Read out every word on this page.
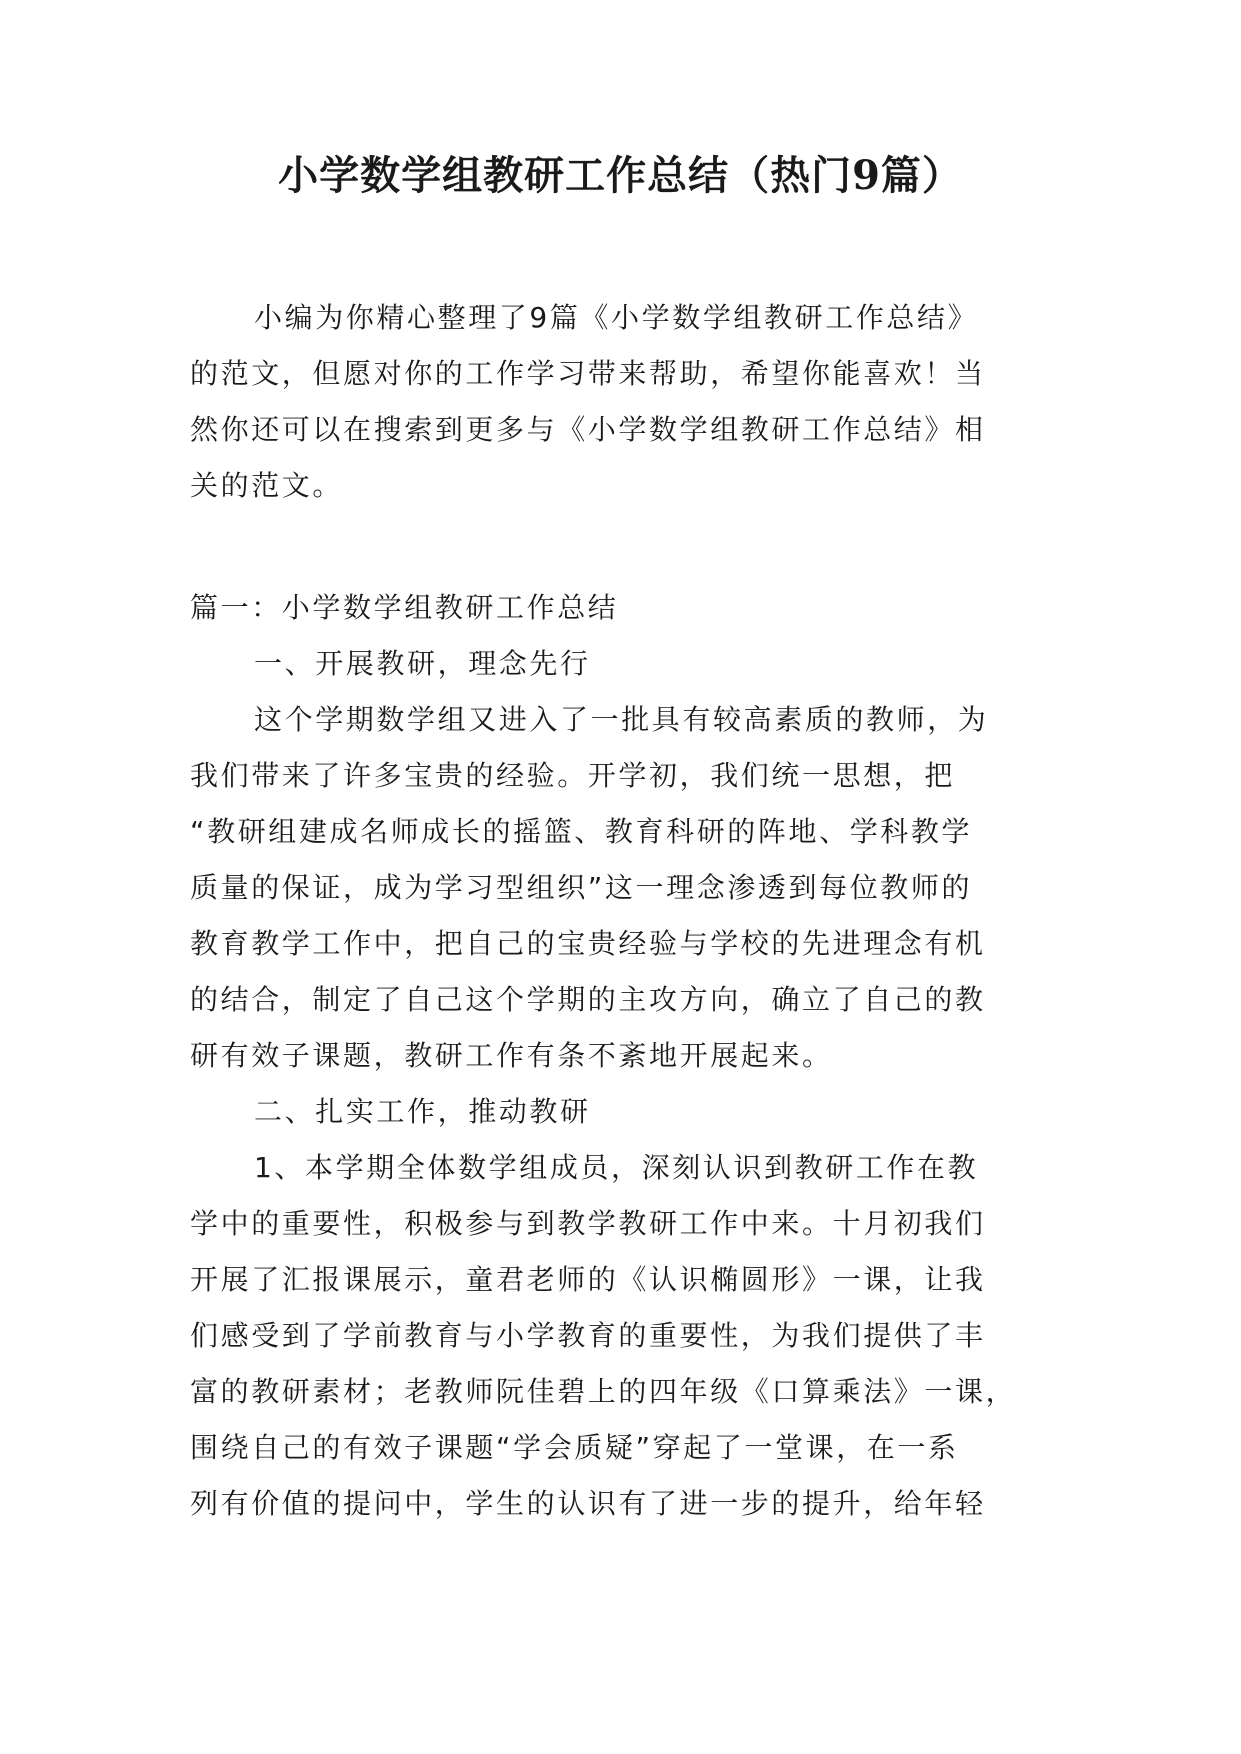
小学数学组教研工作总结（热门9篇）
小编为你精心整理了9篇《小学数学组教研工作总结》
的范文，但愿对你的工作学习带来帮助，希望你能喜欢！当
然你还可以在搜索到更多与《小学数学组教研工作总结》相
关的范文。
篇一：小学数学组教研工作总结
一、开展教研，理念先行
这个学期数学组又进入了一批具有较高素质的教师，为
我们带来了许多宝贵的经验。开学初，我们统一思想，把
“教研组建成名师成长的摇篮、教育科研的阵地、学科教学
质量的保证，成为学习型组织”这一理念渗透到每位教师的
教育教学工作中，把自己的宝贵经验与学校的先进理念有机
的结合，制定了自己这个学期的主攻方向，确立了自己的教
研有效子课题，教研工作有条不紊地开展起来。
二、扎实工作，推动教研
1、本学期全体数学组成员，深刻认识到教研工作在教
学中的重要性，积极参与到教学教研工作中来。十月初我们
开展了汇报课展示，童君老师的《认识椭圆形》一课，让我
们感受到了学前教育与小学教育的重要性，为我们提供了丰
富的教研素材；老教师阮佳碧上的四年级《口算乘法》一课，
围绕自己的有效子课题“学会质疑”穿起了一堂课，在一系
列有价值的提问中，学生的认识有了进一步的提升，给年轻
